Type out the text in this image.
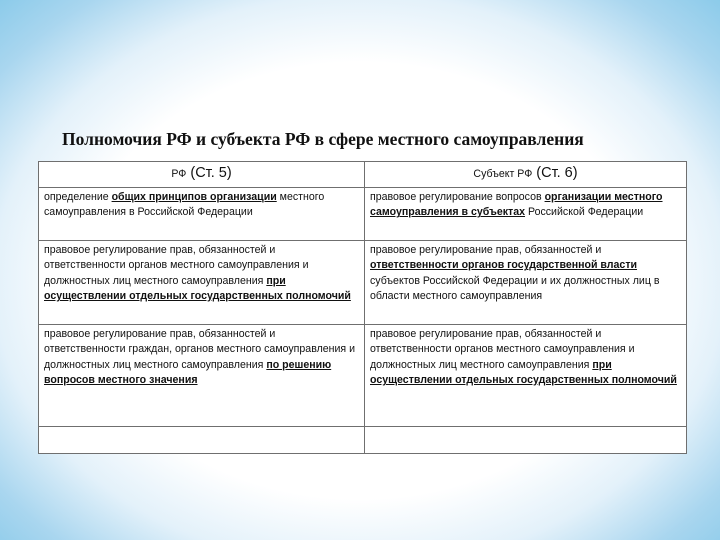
Полномочия РФ и субъекта РФ в сфере местного самоуправления
РФ (Ст. 5)	Субъект РФ (Ст. 6)
определение общих принципов организации местного самоуправления в Российской Федерации	правовое регулирование вопросов организации местного самоуправления в субъектах Российской Федерации
правовое регулирование прав, обязанностей и ответственности органов местного самоуправления и должностных лиц местного самоуправления при осуществлении отдельных государственных полномочий	правовое регулирование прав, обязанностей и ответственности органов государственной власти субъектов Российской Федерации и их должностных лиц в области местного самоуправления
правовое регулирование прав, обязанностей и ответственности граждан, органов местного самоуправления и должностных лиц местного самоуправления по решению вопросов местного значения	правовое регулирование прав, обязанностей и ответственности органов местного самоуправления и должностных лиц местного самоуправления при осуществлении отдельных государственных полномочий
